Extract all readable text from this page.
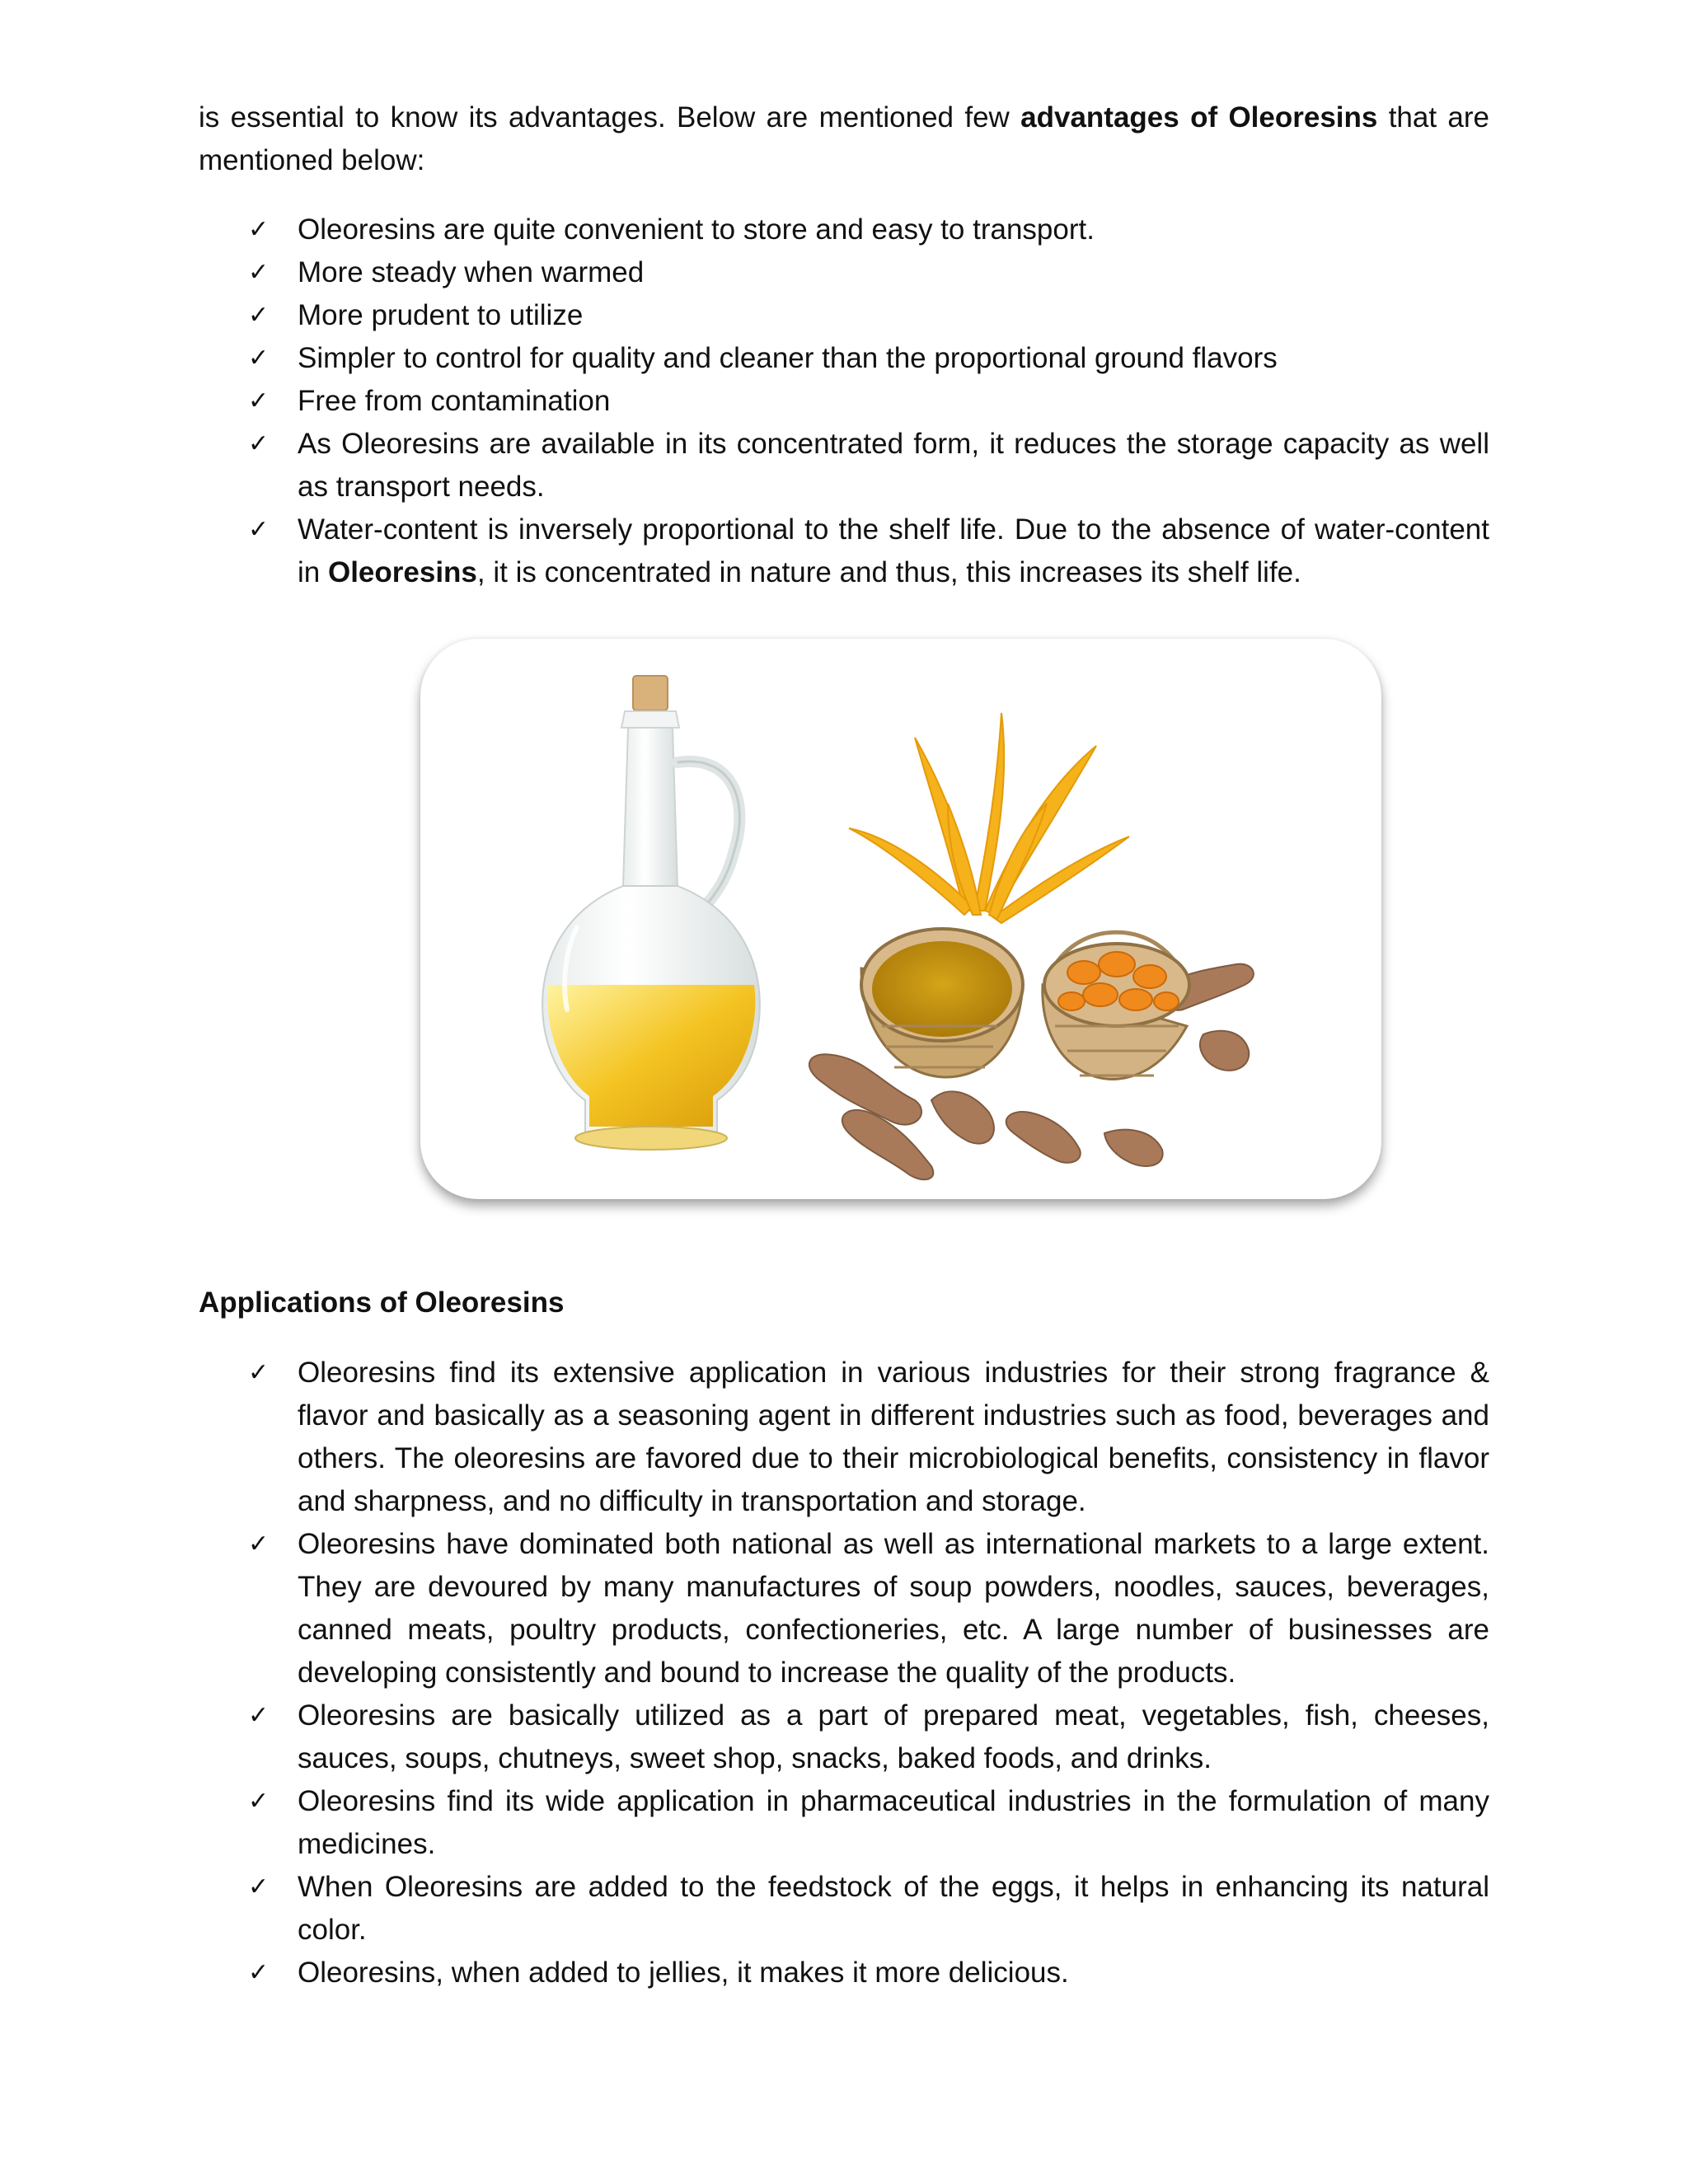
is essential to know its advantages. Below are mentioned few advantages of Oleoresins that are mentioned below:

✓ Oleoresins are quite convenient to store and easy to transport.
✓ More steady when warmed
✓ More prudent to utilize
✓ Simpler to control for quality and cleaner than the proportional ground flavors
✓ Free from contamination
✓ As Oleoresins are available in its concentrated form, it reduces the storage capacity as well as transport needs.
✓ Water-content is inversely proportional to the shelf life. Due to the absence of water-content in Oleoresins, it is concentrated in nature and thus, this increases its shelf life.
Applications of Oleoresins
✓ Oleoresins find its extensive application in various industries for their strong fragrance & flavor and basically as a seasoning agent in different industries such as food, beverages and others. The oleoresins are favored due to their microbiological benefits, consistency in flavor and sharpness, and no difficulty in transportation and storage.
✓ Oleoresins have dominated both national as well as international markets to a large extent. They are devoured by many manufactures of soup powders, noodles, sauces, beverages, canned meats, poultry products, confectioneries, etc. A large number of businesses are developing consistently and bound to increase the quality of the products.
✓ Oleoresins are basically utilized as a part of prepared meat, vegetables, fish, cheeses, sauces, soups, chutneys, sweet shop, snacks, baked foods, and drinks.
✓ Oleoresins find its wide application in pharmaceutical industries in the formulation of many medicines.
✓ When Oleoresins are added to the feedstock of the eggs, it helps in enhancing its natural color.
✓ Oleoresins, when added to jellies, it makes it more delicious.
